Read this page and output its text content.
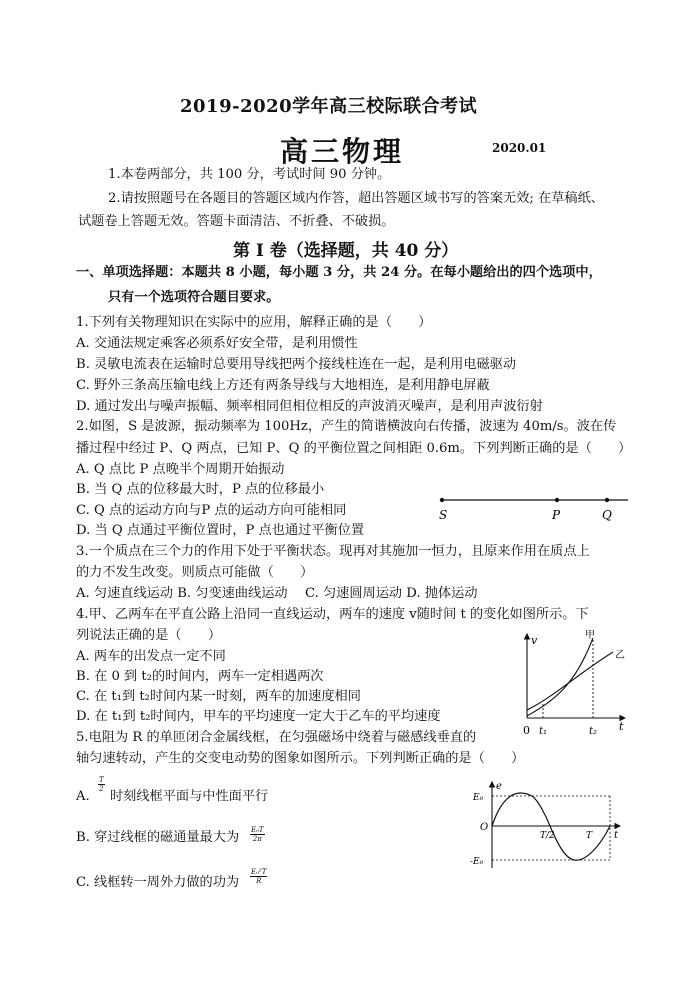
2019-2020学年高三校际联合考试
高三物理	2020.01
1.本卷两部分，共 100 分，考试时间 90 分钟。
2.请按照题号在各题目的答题区域内作答，超出答题区域书写的答案无效; 在草稿纸、
试题卷上答题无效。答题卡面清洁、不折叠、不破损。
第 I 卷（选择题，共 40 分）
一、单项选择题：本题共 8 小题，每小题 3 分，共 24 分。在每小题给出的四个选项中，
只有一个选项符合题目要求。
1.下列有关物理知识在实际中的应用，解释正确的是（　　）
A. 交通法规定乘客必须系好安全带，是利用惯性
B. 灵敏电流表在运输时总要用导线把两个接线柱连在一起，是利用电磁驱动
C. 野外三条高压输电线上方还有两条导线与大地相连，是利用静电屏蔽
D. 通过发出与噪声振幅、频率相同但相位相反的声波消灭噪声，是利用声波衍射
2.如图，S 是波源，振动频率为 100Hz，产生的简谐横波向右传播，波速为 40m/s。波在传
播过程中经过 P、Q 两点，已知 P、Q 的平衡位置之间相距 0.6m。下列判断正确的是（　　）
A. Q 点比 P 点晚半个周期开始振动
B. 当 Q 点的位移最大时，P 点的位移最小
C. Q 点的运动方向与P 点的运动方向可能相同
D. 当 Q 点通过平衡位置时，P 点也通过平衡位置
S	P	Q
3.一个质点在三个力的作用下处于平衡状态。现再对其施加一恒力，且原来作用在质点上
的力不发生改变。则质点可能做（　　）
A. 匀速直线运动 B. 匀变速曲线运动　 C. 匀速圆周运动 D. 抛体运动
4.甲、乙两车在平直公路上沿同一直线运动，两车的速度 v随时间 t 的变化如图所示。下
列说法正确的是（　　）
A. 两车的出发点一定不同
B. 在 0 到 t₂的时间内，两车一定相遇两次
C. 在 t₁到 t₂时间内某一时刻，两车的加速度相同
D. 在 t₁到 t₂时间内，甲车的平均速度一定大于乙车的平均速度
v
t
0 t₁	t₂
甲
乙
5.电阻为 R 的单匝闭合金属线框，在匀强磁场中绕着与磁感线垂直的
轴匀速转动，产生的交变电动势的图象如图所示。下列判断正确的是（　　）
A.
$\frac{T}{2}$
时刻线框平面与中性面平行
B. 穿过线框的磁通量最大为 $\frac{\text{E₀T}}{2\pi}$
C. 线框转一周外力做的功为 $\frac{\text{E₀²T}}{R}$
e
t
O
E₀
-E₀
T/2	T
